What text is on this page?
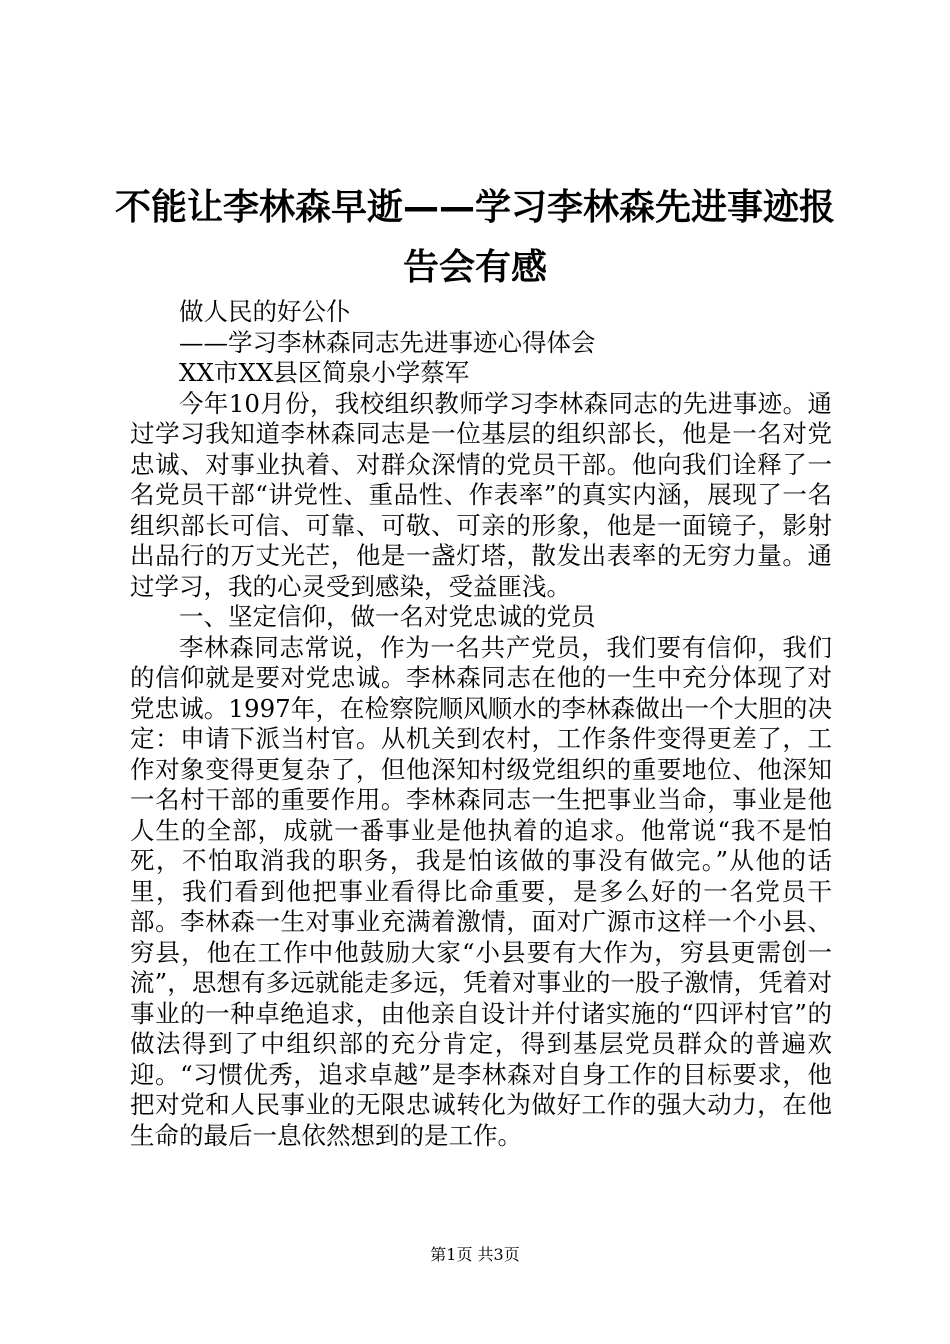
不能让李林森早逝——学习李林森先进事迹报告会有感

做人民的好公仆

——学习李林森同志先进事迹心得体会

XX市XX县区简泉小学蔡军

今年10月份，我校组织教师学习李林森同志的先进事迹。通过学习我知道李林森同志是一位基层的组织部长，他是一名对党忠诚、对事业执着、对群众深情的党员干部。他向我们诠释了一名党员干部“讲党性、重品性、作表率”的真实内涵，展现了一名组织部长可信、可靠、可敬、可亲的形象，他是一面镜子，影射出品行的万丈光芒，他是一盏灯塔，散发出表率的无穷力量。通过学习，我的心灵受到感染，受益匪浅。

一、坚定信仰，做一名对党忠诚的党员

李林森同志常说，作为一名共产党员，我们要有信仰，我们的信仰就是要对党忠诚。李林森同志在他的一生中充分体现了对党忠诚。1997年，在检察院顺风顺水的李林森做出一个大胆的决定：申请下派当村官。从机关到农村，工作条件变得更差了，工作对象变得更复杂了，但他深知村级党组织的重要地位、他深知一名村干部的重要作用。李林森同志一生把事业当命，事业是他人生的全部，成就一番事业是他执着的追求。他常说“我不是怕死，不怕取消我的职务，我是怕该做的事没有做完。”从他的话里，我们看到他把事业看得比命重要，是多么好的一名党员干部。李林森一生对事业充满着激情，面对广源市这样一个小县、穷县，他在工作中他鼓励大家“小县要有大作为，穷县更需创一流”，思想有多远就能走多远，凭着对事业的一股子激情，凭着对事业的一种卓绝追求，由他亲自设计并付诸实施的“四评村官”的做法得到了中组织部的充分肯定，得到基层党员群众的普遍欢迎。“习惯优秀，追求卓越”是李林森对自身工作的目标要求，他把对党和人民事业的无限忠诚转化为做好工作的强大动力，在他生命的最后一息依然想到的是工作。

第1页 共3页
